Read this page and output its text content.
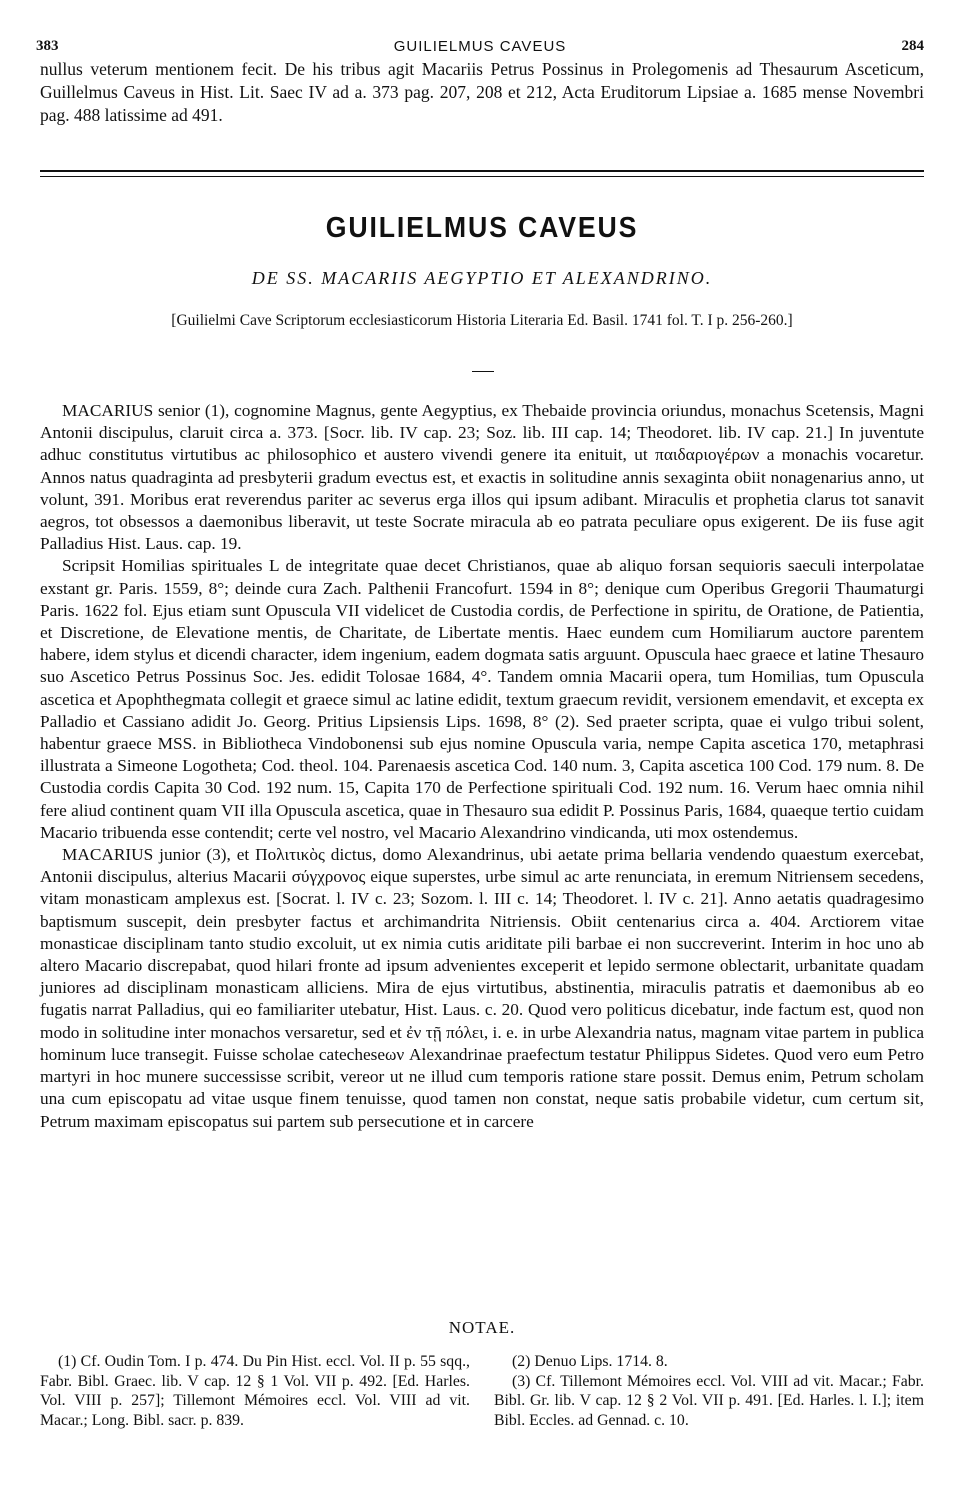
383	GUILIELMUS CAVEUS	284
nullus veterum mentionem fecit. De his tribus agit Macariis Petrus Possinus in Prolegomenis ad Thesaurum Asceticum, Guillelmus Caveus in Hist. Lit. Saec IV ad a. 373 pag. 207, 208 et 212, Acta Eruditorum Lipsiae a. 1685 mense Novembri pag. 488 latissime ad 491.
GUILIELMUS CAVEUS
DE SS. MACARIIS AEGYPTIO ET ALEXANDRINO.
[Guilielmi Cave Scriptorum ecclesiasticorum Historia Literaria Ed. Basil. 1741 fol. T. I p. 256-260.]

MACARIUS senior (1), cognomine Magnus, gente Aegyptius, ex Thebaide provincia oriundus, monachus Scetensis, Magni Antonii discipulus, claruit circa a. 373. [Socr. lib. IV cap. 23; Soz. lib. III cap. 14; Theodoret. lib. IV cap. 21.] In juventute adhuc constitutus virtutibus ac philosophico et austero vivendi genere ita enituit, ut παιδαριογέρων a monachis vocaretur. Annos natus quadraginta ad presbyterii gradum evectus est, et exactis in solitudine annis sexaginta obiit nonagenarius anno, ut volunt, 391. Moribus erat reverendus pariter ac severus erga illos qui ipsum adibant. Miraculis et prophetia clarus tot sanavit aegros, tot obsessos a daemonibus liberavit, ut teste Socrate miracula ab eo patrata peculiare opus exigerent. De iis fuse agit Palladius Hist. Laus. cap. 19.

Scripsit Homilias spirituales L de integritate quae decet Christianos, quae ab aliquo forsan sequioris saeculi interpolatae exstant gr. Paris. 1559, 8°; deinde cura Zach. Palthenii Francofurt. 1594 in 8°; denique cum Operibus Gregorii Thaumaturgi Paris. 1622 fol. Ejus etiam sunt Opuscula VII videlicet de Custodia cordis, de Perfectione in spiritu, de Oratione, de Patientia, et Discretione, de Elevatione mentis, de Charitate, de Libertate mentis. Haec eundem cum Homiliarum auctore parentem habere, idem stylus et dicendi character, idem ingenium, eadem dogmata satis arguunt. Opuscula haec graece et latine Thesauro suo Ascetico Petrus Possinus Soc. Jes. edidit Tolosae 1684, 4°. Tandem omnia Macarii opera, tum Homilias, tum Opuscula ascetica et Apophthegmata collegit et graece simul ac latine edidit, textum graecum revidit, versionem emendavit, et excepta ex Palladio et Cassiano adidit Jo. Georg. Pritius Lipsiensis Lips. 1698, 8° (2). Sed praeter scripta, quae ei vulgo tribui solent, habentur graece MSS. in Bibliotheca Vindobonensi sub ejus nomine Opuscula varia, nempe Capita ascetica 170, metaphrasi illustrata a Simeone Logotheta; Cod. theol. 104. Parenaesis ascetica Cod. 140 num. 3, Capita ascetica 100 Cod. 179 num. 8. De Custodia cordis Capita 30 Cod. 192 num. 15, Capita 170 de Perfectione spirituali Cod. 192 num. 16. Verum haec omnia nihil fere aliud continent quam VII illa Opuscula ascetica, quae in Thesauro sua edidit P. Possinus Paris, 1684, quaeque tertio cuidam Macario tribuenda esse contendit; certe vel nostro, vel Macario Alexandrino vindicanda, uti mox ostendemus.

MACARIUS junior (3), et Πολιτικὸς dictus, domo Alexandrinus, ubi aetate prima bellaria vendendo quaestum exercebat, Antonii discipulus, alterius Macarii σύγχρονος eique superstes, urbe simul ac arte renunciata, in eremum Nitriensem secedens, vitam monasticam amplexus est. [Socrat. l. IV c. 23; Sozom. l. III c. 14; Theodoret. l. IV c. 21]. Anno aetatis quadragesimo baptismum suscepit, dein presbyter factus et archimandrita Nitriensis. Obiit centenarius circa a. 404. Arctiorem vitae monasticae disciplinam tanto studio excoluit, ut ex nimia cutis ariditate pili barbae ei non succreverint. Interim in hoc uno ab altero Macario discrepabat, quod hilari fronte ad ipsum advenientes exceperit et lepido sermone oblectarit, urbanitate quadam juniores ad disciplinam monasticam alliciens. Mira de ejus virtutibus, abstinentia, miraculis patratis et daemonibus ab eo fugatis narrat Palladius, qui eo familiariter utebatur, Hist. Laus. c. 20. Quod vero politicus dicebatur, inde factum est, quod non modo in solitudine inter monachos versaretur, sed et ἐν τῇ πόλει, i. e. in urbe Alexandria natus, magnam vitae partem in publica hominum luce transegit. Fuisse scholae catecheseων Alexandrinae praefectum testatur Philippus Sidetes. Quod vero eum Petro martyri in hoc munere successisse scribit, vereor ut ne illud cum temporis ratione stare possit. Demus enim, Petrum scholam una cum episcopatu ad vitae usque finem tenuisse, quod tamen non constat, neque satis probabile videtur, cum certum sit, Petrum maximam episcopatus sui partem sub persecutione et in carcere

NOTAE.

(1) Cf. Oudin Tom. I p. 474. Du Pin Hist. eccl. Vol. II p. 55 sqq., Fabr. Bibl. Graec. lib. V cap. 12 § 1 Vol. VII p. 492. [Ed. Harles. Vol. VIII p. 257]; Tillemont Mémoires eccl. Vol. VIII ad vit. Macar.; Long. Bibl. sacr. p. 839.

(2) Denuo Lips. 1714. 8.

(3) Cf. Tillemont Mémoires eccl. Vol. VIII ad vit. Macar.; Fabr. Bibl. Gr. lib. V cap. 12 § 2 Vol. VII p. 491. [Ed. Harles. l. I.]; item Bibl. Eccles. ad Gennad. c. 10.
